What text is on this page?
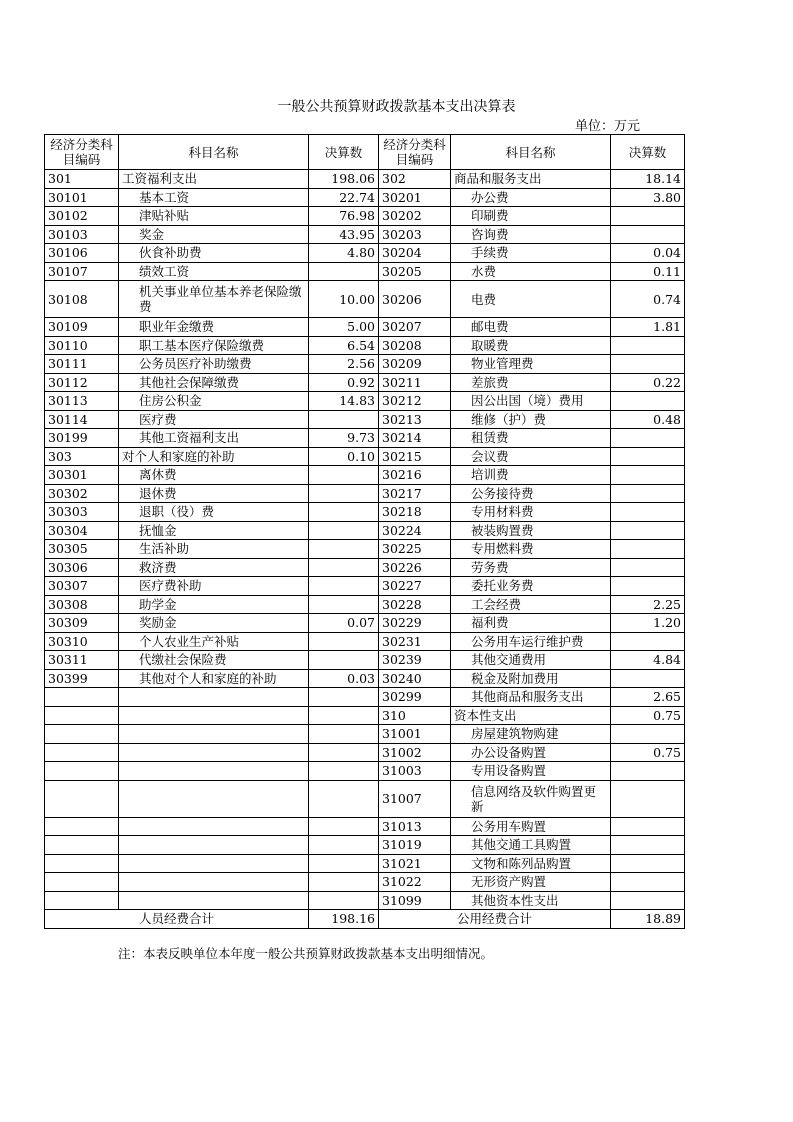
一般公共预算财政拨款基本支出决算表
单位：万元
经济分类科目编码	科目名称	决算数	经济分类科目编码	科目名称	决算数
301	工资福利支出	198.06	302	商品和服务支出	18.14
30101	基本工资	22.74	30201	办公费	3.80
30102	津贴补贴	76.98	30202	印刷费	
30103	奖金	43.95	30203	咨询费	
30106	伙食补助费	4.80	30204	手续费	0.04
30107	绩效工资		30205	水费	0.11
30108	机关事业单位基本养老保险缴费	10.00	30206	电费	0.74
30109	职业年金缴费	5.00	30207	邮电费	1.81
30110	职工基本医疗保险缴费	6.54	30208	取暖费	
30111	公务员医疗补助缴费	2.56	30209	物业管理费	
30112	其他社会保障缴费	0.92	30211	差旅费	0.22
30113	住房公积金	14.83	30212	因公出国（境）费用	
30114	医疗费		30213	维修（护）费	0.48
30199	其他工资福利支出	9.73	30214	租赁费	
303	对个人和家庭的补助	0.10	30215	会议费	
30301	离休费		30216	培训费	
30302	退休费		30217	公务接待费	
30303	退职（役）费		30218	专用材料费	
30304	抚恤金		30224	被装购置费	
30305	生活补助		30225	专用燃料费	
30306	救济费		30226	劳务费	
30307	医疗费补助		30227	委托业务费	
30308	助学金		30228	工会经费	2.25
30309	奖励金	0.07	30229	福利费	1.20
30310	个人农业生产补贴		30231	公务用车运行维护费	
30311	代缴社会保险费		30239	其他交通费用	4.84
30399	其他对个人和家庭的补助	0.03	30240	税金及附加费用	
			30299	其他商品和服务支出	2.65
			310	资本性支出	0.75
			31001	房屋建筑物购建	
			31002	办公设备购置	0.75
			31003	专用设备购置	
			31007	信息网络及软件购置更新	
			31013	公务用车购置	
			31019	其他交通工具购置	
			31021	文物和陈列品购置	
			31022	无形资产购置	
			31099	其他资本性支出	
人员经费合计		198.16	公用经费合计		18.89
注：本表反映单位本年度一般公共预算财政拨款基本支出明细情况。
